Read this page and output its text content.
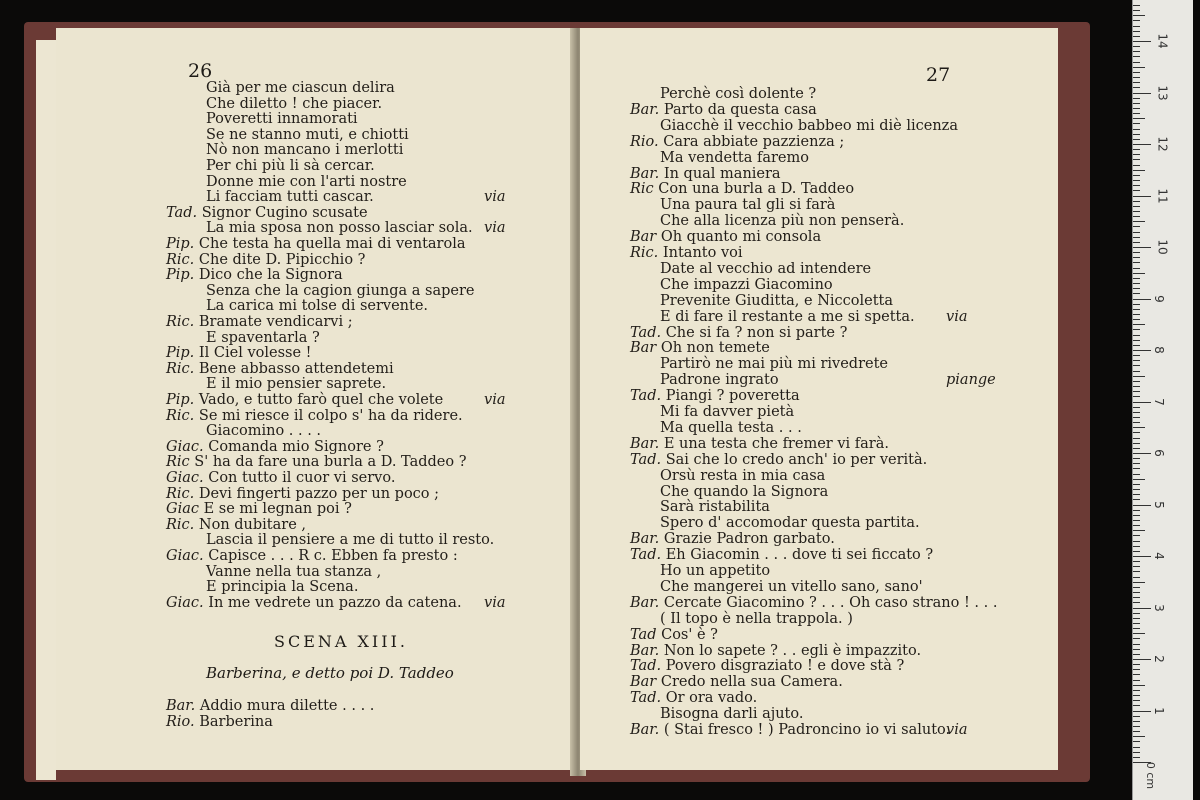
26
Già per me ciascun delira
Che diletto ! che piacer.
Poveretti innamorati
Se ne stanno muti, e chiotti
Nò non mancano i merlotti
Per chi più li sà cercar.
Donne mie con l'arti nostre
Li facciam tutti cascar.	via
Tad. Signor Cugino scusate
La mia sposa non posso lasciar sola. via
Pip. Che testa ha quella mai di ventarola
Ric. Che dite D. Pipicchio ?
Pip. Dico che la Signora
Senza che la cagion giunga a sapere
La carica mi tolse di servente.
Ric. Bramate vendicarvi ;
E spaventarla ?
Pip. Il Ciel volesse !
Ric. Bene abbasso attendetemi
E il mio pensier saprete.
Pip. Vado, e tutto farò quel che volete	via
Ric. Se mi riesce il colpo s' ha da ridere.
Giacomino . . . .
Giac. Comanda mio Signore ?
Ric S' ha da fare una burla a D. Taddeo ?
Giac. Con tutto il cuor vi servo.
Ric. Devi fingerti pazzo per un poco ;
Giac E se mi legnan poi ?
Ric. Non dubitare ,
Lascia il pensiere a me di tutto il resto.
Giac. Capisce . . . R c. Ebben fa presto :
Vanne nella tua stanza ,
E principia la Scena.
Giac. In me vedrete un pazzo da catena. via
SCENA XIII.
Barberina, e detto poi D. Taddeo
Bar. Addio mura dilette . . . .
Rio. Barberina
27
Perchè così dolente ?
Bar. Parto da questa casa
Giacchè il vecchio babbeo mi diè licenza
Rio. Cara abbiate pazzienza ;
Ma vendetta faremo
Bar. In qual maniera
Ric Con una burla a D. Taddeo
Una paura tal gli si farà
Che alla licenza più non penserà.
Bar Oh quanto mi consola
Ric. Intanto voi
Date al vecchio ad intendere
Che impazzi Giacomino
Prevenite Giuditta, e Niccoletta
E di fare il restante a me si spetta. via
Tad. Che si fa ? non si parte ?
Bar Oh non temete
Partirò ne mai più mi rivedrete
Padrone ingrato	piange
Tad. Piangi ? poveretta
Mi fa davver pietà
Ma quella testa . . .
Bar. E una testa che fremer vi farà.
Tad. Sai che lo credo anch' io per verità.
Orsù resta in mia casa
Che quando la Signora
Sarà ristabilita
Spero d' accomodar questa partita.
Bar. Grazie Padron garbato.
Tad. Eh Giacomin . . . dove ti sei ficcato ?
Ho un appetito
Che mangerei un vitello sano, sano'
Bar. Cercate Giacomino ? . . . Oh caso strano ! . . .
( Il topo è nella trappola. )
Tad Cos' è ?
Bar. Non lo sapete ? . . egli è impazzito.
Tad. Povero disgraziato ! e dove stà ?
Bar Credo nella sua Camera.
Tad. Or ora vado.
Bisogna darli ajuto.
Bar. ( Stai fresco ! ) Padroncino io vi saluto.
via
1
2
3
4
5
6
7
8
9
10
11
12
13
14
0 cm
